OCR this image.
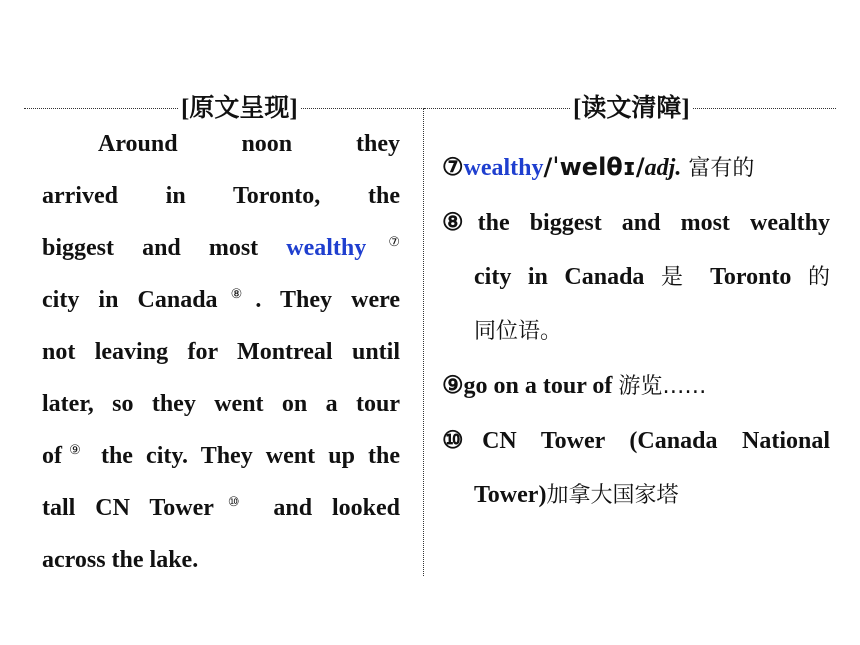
[原文呈现]	[读文清障]
Around noon they
arrived in Toronto, the
biggest and most wealthy⑦
city in Canada⑧. They were
not leaving for Montreal until
later, so they went on a tour
of⑨ the city. They went up the
tall CN Tower⑩ and looked
across the lake.
⑦wealthy/ˈwelθɪ/adj. 富有的
⑧the biggest and most wealthy
city in Canada 是 Toronto 的
同位语。
⑨go on a tour of 游览……
⑩CN Tower (Canada National
Tower)加拿大国家塔
